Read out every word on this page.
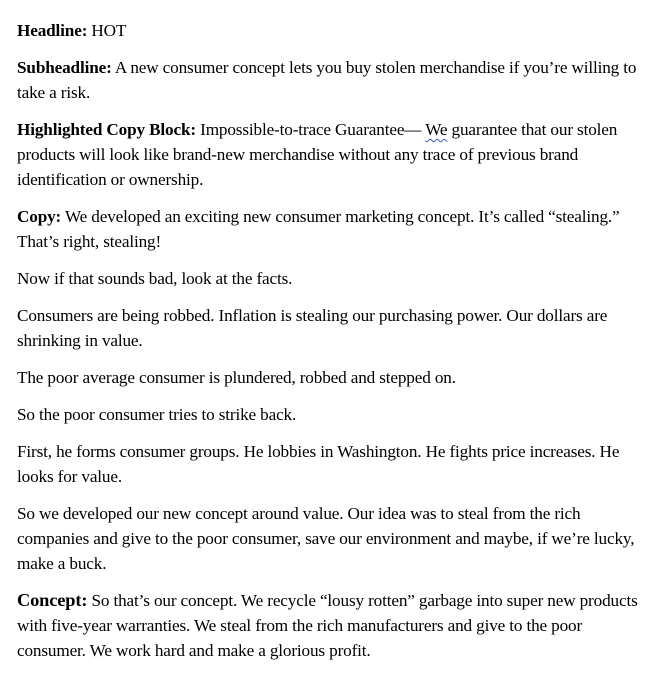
Headline: HOT

Subheadline: A new consumer concept lets you buy stolen merchandise if you’re willing to take a risk.

Highlighted Copy Block: Impossible-to-trace Guarantee— We guarantee that our stolen products will look like brand-new merchandise without any trace of previous brand identification or ownership.

Copy: We developed an exciting new consumer marketing concept. It’s called “stealing.” That’s right, stealing!

Now if that sounds bad, look at the facts.

Consumers are being robbed. Inflation is stealing our purchasing power. Our dollars are shrinking in value.

The poor average consumer is plundered, robbed and stepped on.

So the poor consumer tries to strike back.

First, he forms consumer groups. He lobbies in Washington. He fights price increases. He looks for value.

So we developed our new concept around value. Our idea was to steal from the rich companies and give to the poor consumer, save our environment and maybe, if we’re lucky, make a buck.

Concept: So that’s our concept. We recycle “lousy rotten” garbage into super new products with five-year warranties. We steal from the rich manufacturers and give to the poor consumer. We work hard and make a glorious profit.
